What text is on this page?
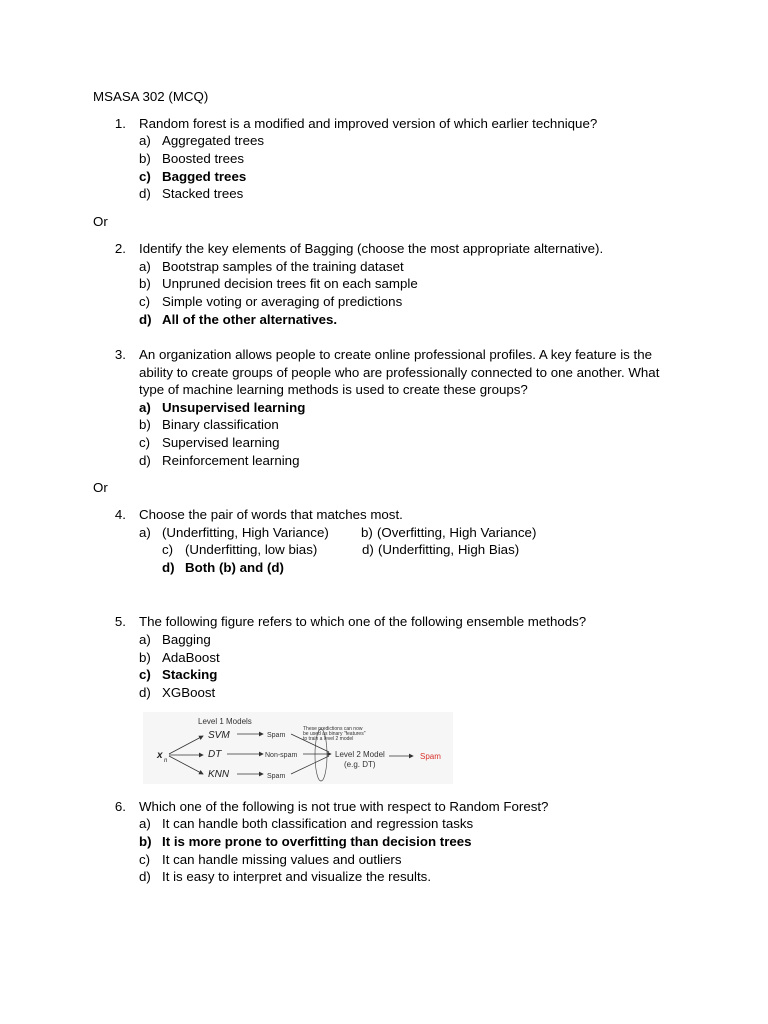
MSASA 302 (MCQ)
1. Random forest is a modified and improved version of which earlier technique?
a) Aggregated trees
b) Boosted trees
c) Bagged trees
d) Stacked trees
Or
2. Identify the key elements of Bagging (choose the most appropriate alternative).
a) Bootstrap samples of the training dataset
b) Unpruned decision trees fit on each sample
c) Simple voting or averaging of predictions
d) All of the other alternatives.
3. An organization allows people to create online professional profiles. A key feature is the
ability to create groups of people who are professionally connected to one another. What
type of machine learning methods is used to create these groups?
a) Unsupervised learning
b) Binary classification
c) Supervised learning
d) Reinforcement learning
Or
4. Choose the pair of words that matches most.
a) (Underfitting, High Variance) b) (Overfitting, High Variance)
c) (Underfitting, low bias)	d) (Underfitting, High Bias)
d) Both (b) and (d)
5. The following figure refers to which one of the following ensemble methods?
a) Bagging
b) AdaBoost
c) Stacking
d) XGBoost
Level 1 Models
x n
SVM
DT
KNN
Spam
Non-spam
Spam
These predictions can now
be used as binary "features"
to train a level 2 model
Level 2 Model
(e.g. DT)
Spam
6. Which one of the following is not true with respect to Random Forest?
a) It can handle both classification and regression tasks
b) It is more prone to overfitting than decision trees
c) It can handle missing values and outliers
d) It is easy to interpret and visualize the results.
